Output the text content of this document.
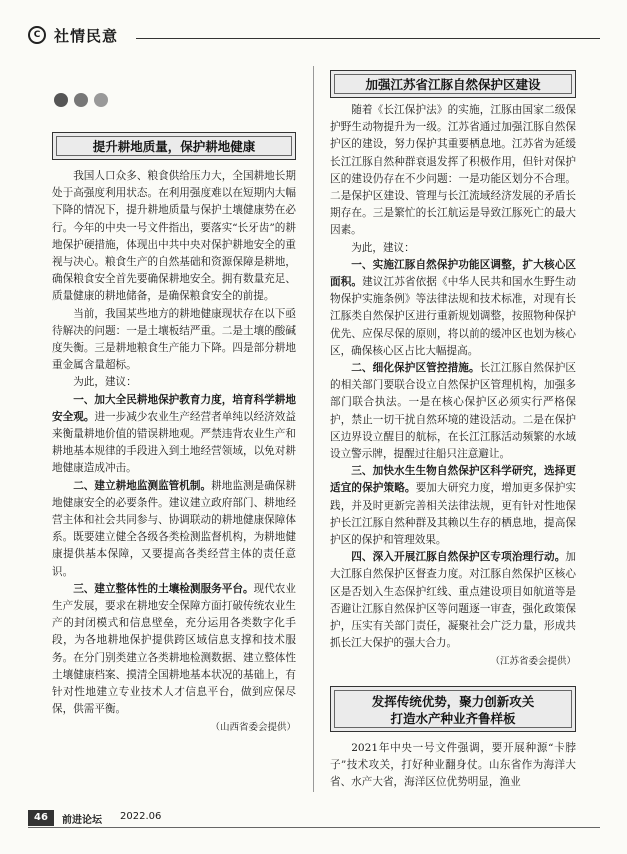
C 社情民意
提升耕地质量，保护耕地健康

我国人口众多、粮食供给压力大，全国耕地长期处于高强度利用状态。在利用强度难以在短期内大幅下降的情况下，提升耕地质量与保护土壤健康势在必行。今年的中央一号文件指出，要落实“长牙齿”的耕地保护硬措施，体现出中共中央对保护耕地安全的重视与决心。粮食生产的自然基础和资源保障是耕地，确保粮食安全首先要确保耕地安全。拥有数量充足、质量健康的耕地储备，是确保粮食安全的前提。

当前，我国某些地方的耕地健康现状存在以下亟待解决的问题：一是土壤板结严重。二是土壤的酸碱度失衡。三是耕地粮食生产能力下降。四是部分耕地重金属含量超标。

为此，建议：

一、加大全民耕地保护教育力度，培育科学耕地安全观。进一步减少农业生产经营者单纯以经济效益来衡量耕地价值的错误耕地观。严禁违背农业生产和耕地基本规律的手段进入到土地经营领域，以免对耕地健康造成冲击。

二、建立耕地监测监管机制。耕地监测是确保耕地健康安全的必要条件。建议建立政府部门、耕地经营主体和社会共同参与、协调联动的耕地健康保障体系。既要建立健全各级各类检测监督机构，为耕地健康提供基本保障，又要提高各类经营主体的责任意识。

三、建立整体性的土壤检测服务平台。现代农业生产发展，要求在耕地安全保障方面打破传统农业生产的封闭模式和信息壁垒，充分运用各类数字化手段，为各地耕地保护提供跨区域信息支撑和技术服务。在分门别类建立各类耕地检测数据、建立整体性土壤健康档案、摸清全国耕地基本状况的基础上，有针对性地建立专业技术人才信息平台，做到应保尽保，供需平衡。

（山西省委会提供）

加强江苏省江豚自然保护区建设

随着《长江保护法》的实施，江豚由国家二级保护野生动物提升为一级。江苏省通过加强江豚自然保护区的建设，努力保护其重要栖息地。江苏省为延缓长江江豚自然种群衰退发挥了积极作用，但针对保护区的建设仍存在不少问题：一是功能区划分不合理。二是保护区建设、管理与长江流域经济发展的矛盾长期存在。三是繁忙的长江航运是导致江豚死亡的最大因素。

为此，建议：

一、实施江豚自然保护功能区调整，扩大核心区面积。建议江苏省依据《中华人民共和国水生野生动物保护实施条例》等法律法规和技术标准，对现有长江豚类自然保护区进行重新规划调整，按照物种保护优先、应保尽保的原则，将以前的缓冲区也划为核心区，确保核心区占比大幅提高。

二、细化保护区管控措施。长江江豚自然保护区的相关部门要联合设立自然保护区管理机构，加强多部门联合执法。一是在核心保护区必须实行严格保护，禁止一切干扰自然环境的建设活动。二是在保护区边界设立醒目的航标，在长江江豚活动频繁的水域设立警示牌，提醒过往船只注意避让。

三、加快水生生物自然保护区科学研究，选择更适宜的保护策略。要加大研究力度，增加更多保护实践，并及时更新完善相关法律法规，更有针对性地保护长江江豚自然种群及其赖以生存的栖息地，提高保护区的保护和管理效果。

四、深入开展江豚自然保护区专项治理行动。加大江豚自然保护区督查力度。对江豚自然保护区核心区是否划入生态保护红线、重点建设项目如航道等是否避让江豚自然保护区等问题逐一审查，强化政策保护，压实有关部门责任，凝聚社会广泛力量，形成共抓长江大保护的强大合力。

（江苏省委会提供）

发挥传统优势，聚力创新攻关
打造水产种业齐鲁样板

2021年中央一号文件强调，要开展种源“卡脖子”技术攻关，打好种业翻身仗。山东省作为海洋大省、水产大省，海洋区位优势明显，渔业

46	前进论坛 2022.06
